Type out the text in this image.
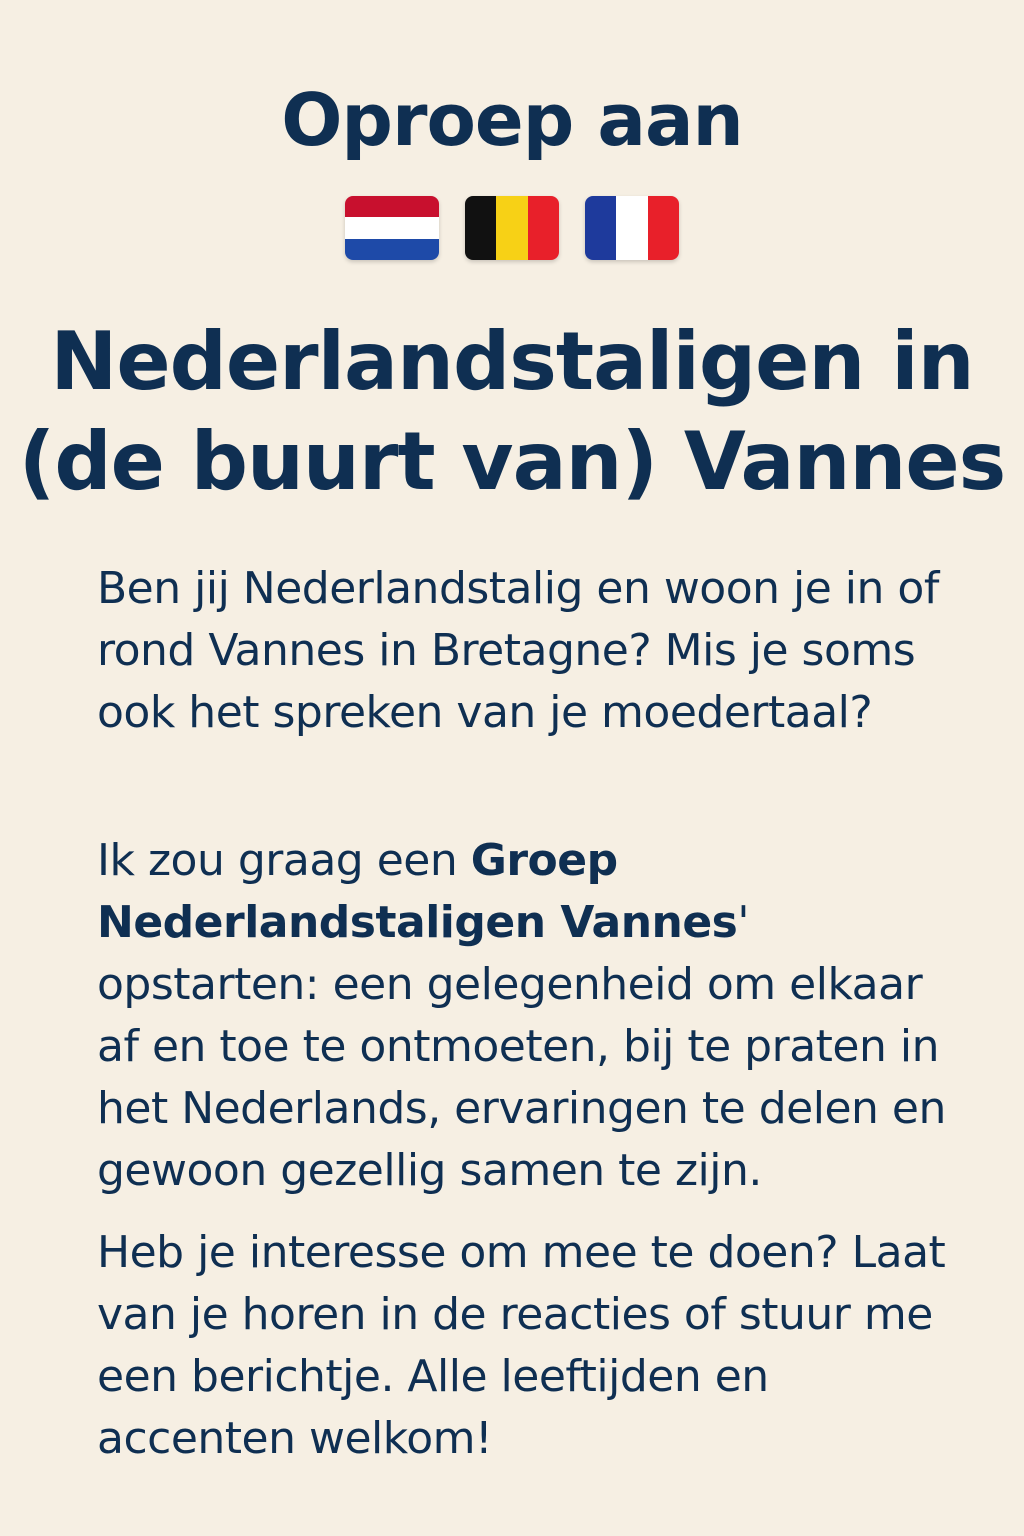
Oproep aan
Nederlandstaligen in
(de buurt van) Vannes

Ben jij Nederlandstalig en woon je in of rond Vannes in Bretagne? Mis je soms ook het spreken van je moedertaal?

Ik zou graag een Groep Nederlandstaligen Vannes' opstarten: een gelegenheid om elkaar af en toe te ontmoeten, bij te praten in het Nederlands, ervaringen te delen en gewoon gezellig samen te zijn.

Heb je interesse om mee te doen? Laat van je horen in de reacties of stuur me een berichtje. Alle leeftijden en accenten welkom!
